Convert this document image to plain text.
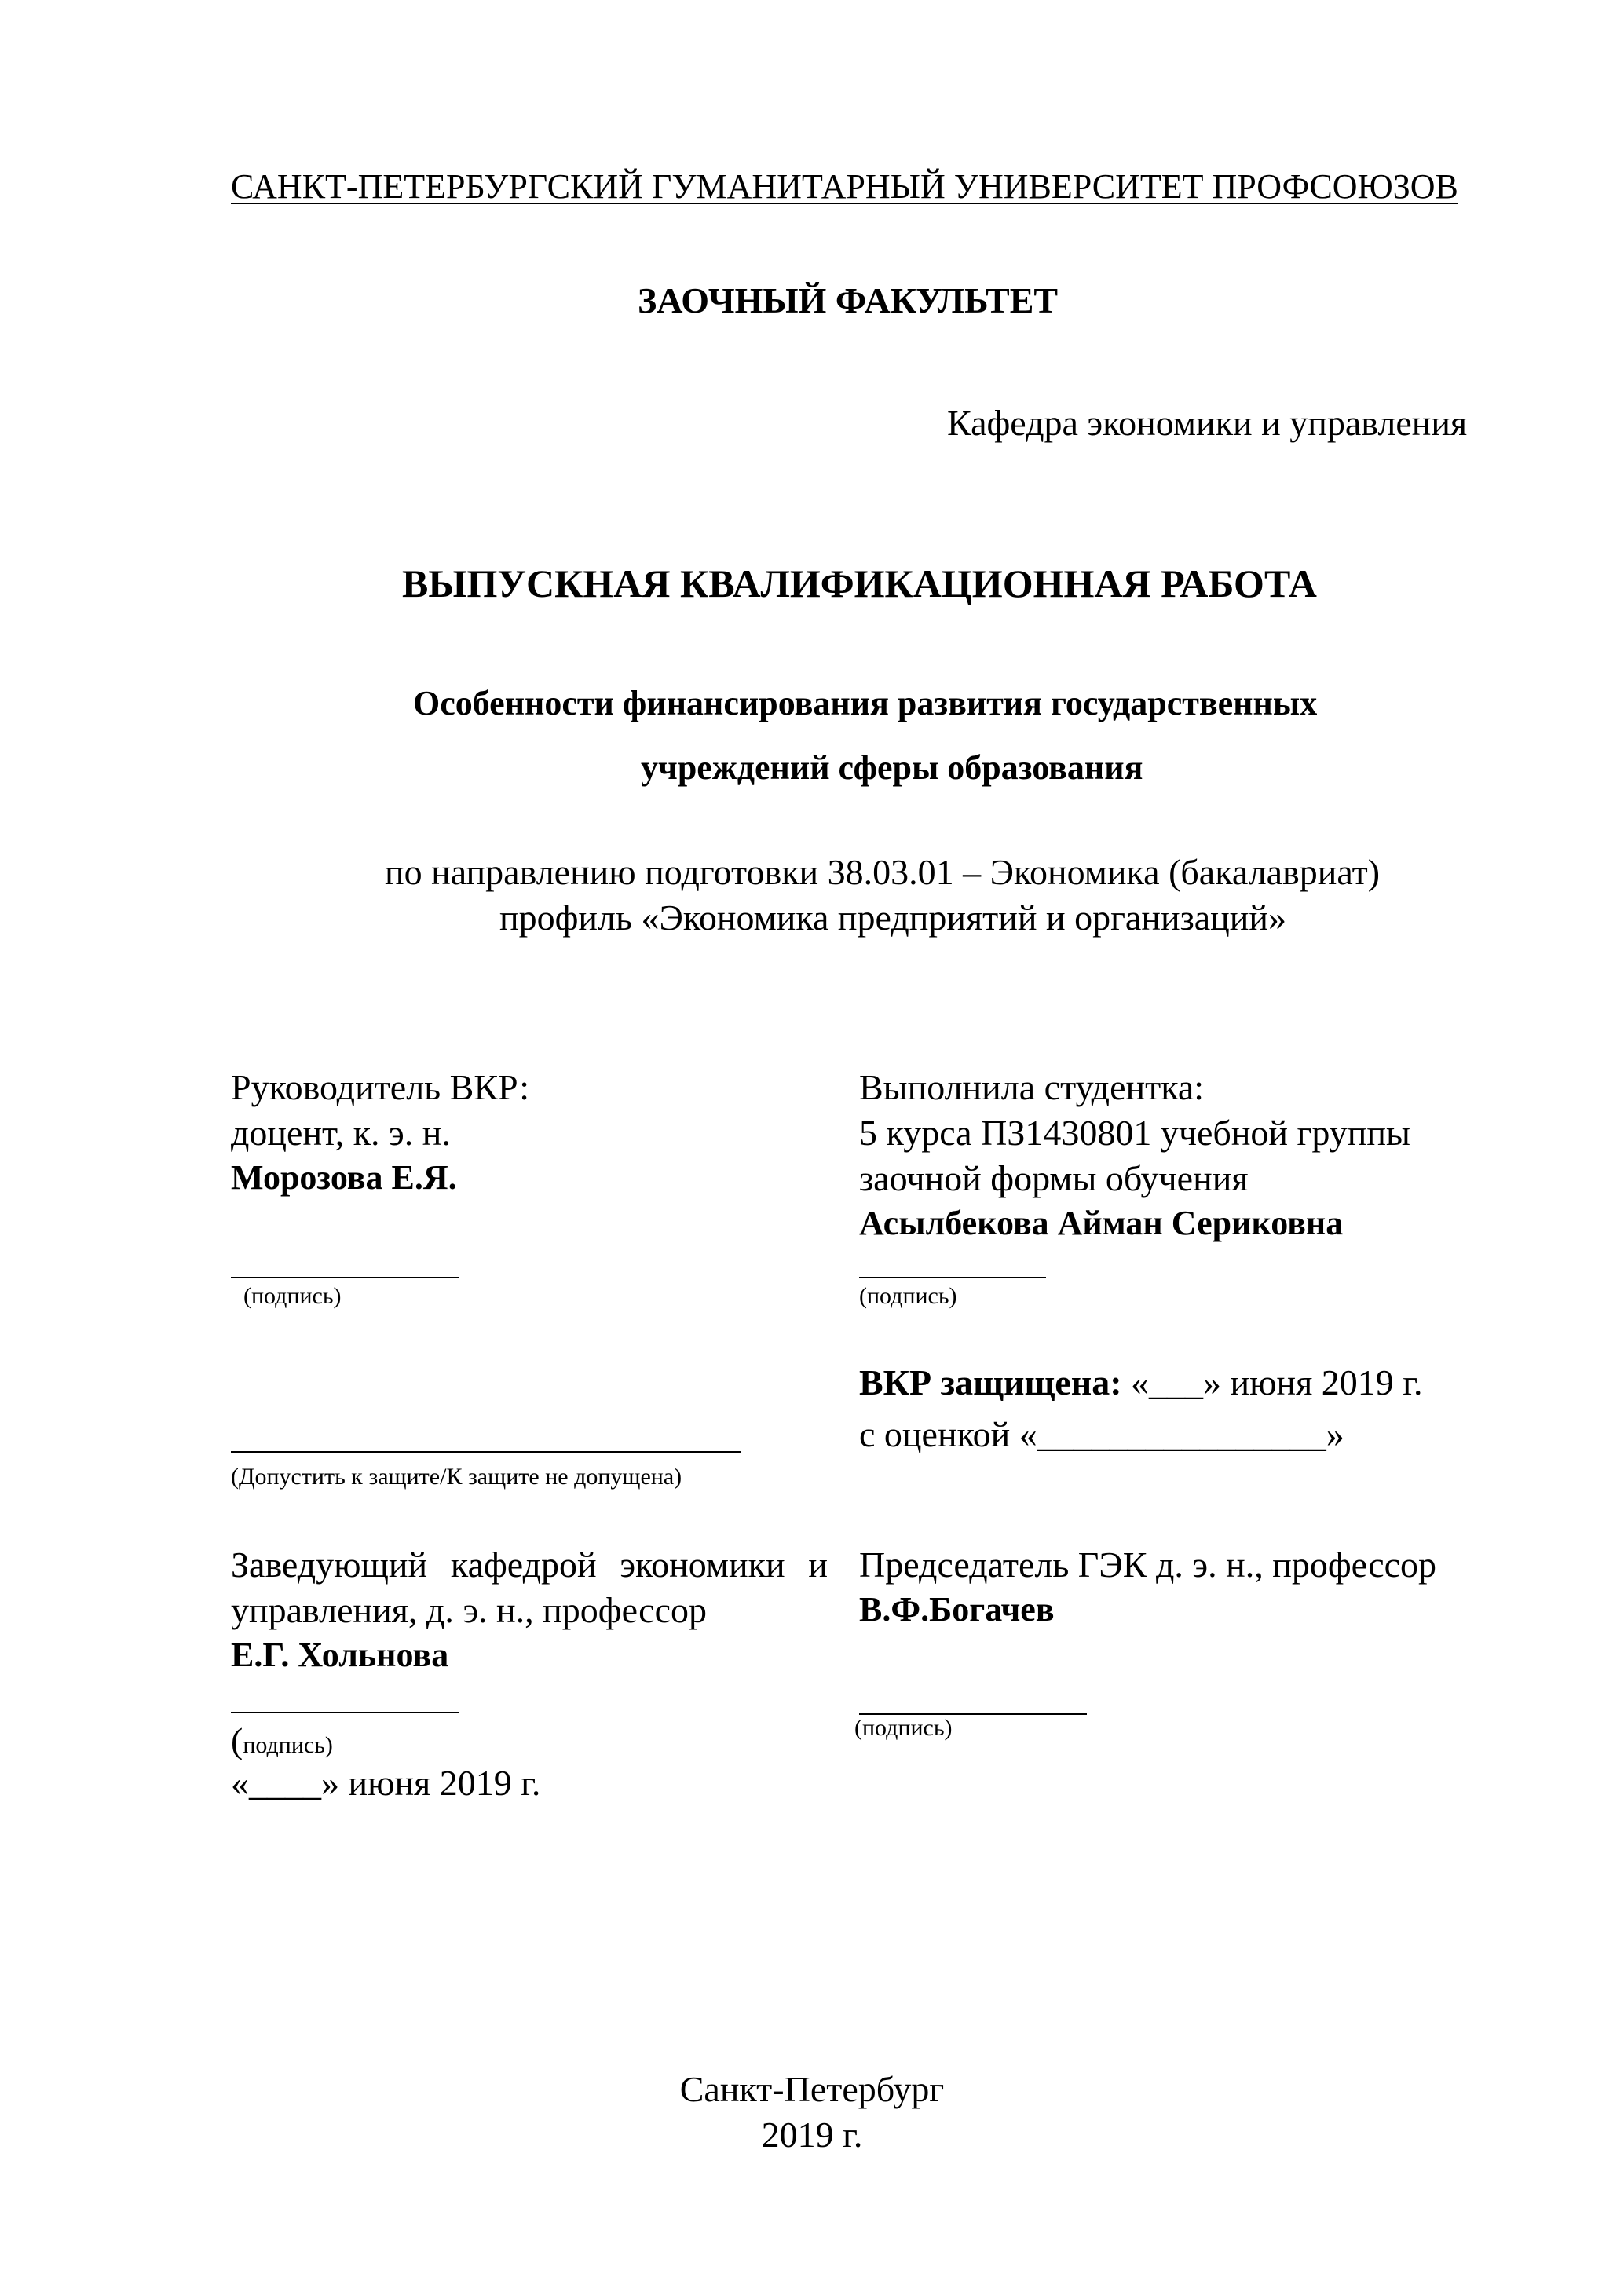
САНКТ-ПЕТЕРБУРГСКИЙ ГУМАНИТАРНЫЙ УНИВЕРСИТЕТ ПРОФСОЮЗОВ
ЗАОЧНЫЙ ФАКУЛЬТЕТ
Кафедра экономики и управления
ВЫПУСКНАЯ КВАЛИФИКАЦИОННАЯ РАБОТА
Особенности финансирования развития государственных
учреждений сферы образования
по направлению подготовки 38.03.01 – Экономика (бакалавриат)
профиль «Экономика предприятий и организаций»
Руководитель ВКР:
доцент, к. э. н.
Морозова Е.Я.
(подпись)
Выполнила студентка:
5 курса ПЗ1430801 учебной группы
заочной формы обучения
Асылбекова Айман Сериковна
(подпись)
(Допустить к защите/К защите не допущена)
ВКР защищена: «___» июня 2019 г.
с оценкой «________________»
Заведующий кафедрой экономики и
управления, д. э. н., профессор
Е.Г. Хольнова
(подпись)
«____» июня 2019 г.
Председатель ГЭК д. э. н., профессор
В.Ф.Богачев
(подпись)
Санкт-Петербург
2019 г.
